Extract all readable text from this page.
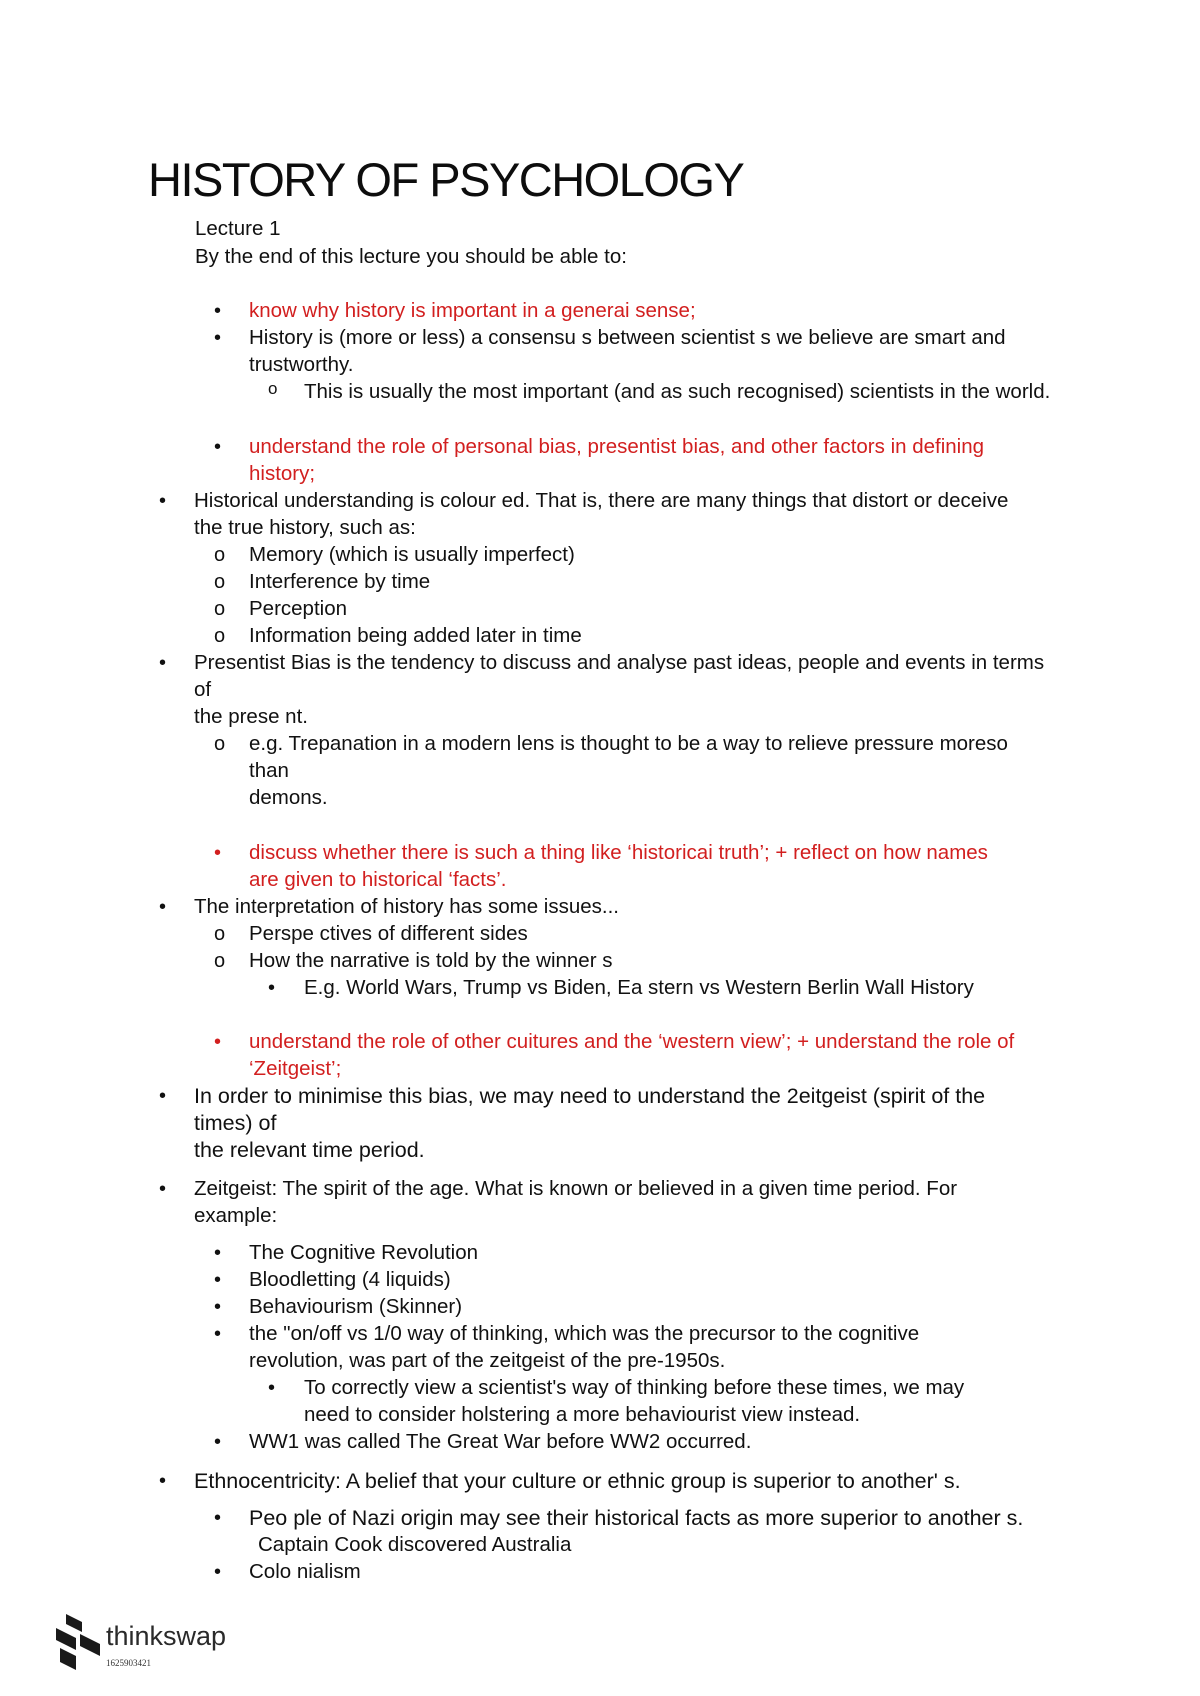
HISTORY OF PSYCHOLOGY
Lecture 1
By the end of this lecture you should be able to:
• know why history is important in a generai sense;
• History is (more or less) a consensu s between scientist s we believe are smart and
trustworthy.
o This is usually the most important (and as such recognised) scientists in the world.
• understand the role of personal bias, presentist bias, and other factors in defining
history;
• Historical understanding is colour ed. That is, there are many things that distort or deceive
the true history, such as:
o Memory (which is usually imperfect)
o Interference by time
o Perception
o Information being added later in time
• Presentist Bias is the tendency to discuss and analyse past ideas, people and events in terms
of
the prese nt.
o e.g. Trepanation in a modern lens is thought to be a way to relieve pressure moreso
than
demons.
• discuss whether there is such a thing like ‘historicai truth’; + reflect on how names
are given to historical ‘facts’.
• The interpretation of history has some issues...
o Perspe ctives of different sides
o How the narrative is told by the winner s
• E.g. World Wars, Trump vs Biden, Ea stern vs Western Berlin Wall History
• understand the role of other cuitures and the ‘western view’; + understand the role of
‘Zeitgeist’;
• In order to minimise this bias, we may need to understand the 2eitgeist (spirit of the
times) of
the relevant time period.
• Zeitgeist: The spirit of the age. What is known or believed in a given time period. For
example:
• The Cognitive Revolution
• Bloodletting (4 liquids)
• Behaviourism (Skinner)
• the "on/off vs 1/0 way of thinking, which was the precursor to the cognitive
revolution, was part of the zeitgeist of the pre-1950s.
• To correctly view a scientist's way of thinking before these times, we may
need to consider holstering a more behaviourist view instead.
• WW1 was called The Great War before WW2 occurred.
• Ethnocentricity: A belief that your culture or ethnic group is superior to another' s.
• Peo ple of Nazi origin may see their historical facts as more superior to another s.
Captain Cook discovered Australia
• Colo nialism
thinkswap
1625903421
